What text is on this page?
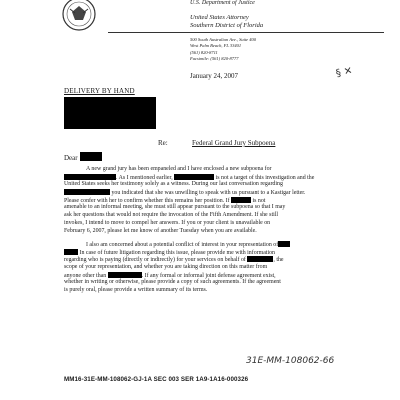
U.S. Department of Justice
United States Attorney
Southern District of Florida
500 South Australian Ave., Suite 400
West Palm Beach, FL 33401
(561) 820-8711
Facsimile: (561) 820-8777
January 24, 2007	§ ✕
DELIVERY BY HAND
Re:	Federal Grand Jury Subpoena
Dear
A new grand jury has been empaneled and I have enclosed a new subpoena for
. As I mentioned earlier,	is not a target of this investigation and the
United States seeks her testimony solely as a witness. During our last conversation regarding
you indicated that she was unwilling to speak with us pursuant to a Kastigar letter.
Please confer with her to confirm whether this remains her position. If	is not
amenable to an informal meeting, she must still appear pursuant to the subpoena so that I may
ask her questions that would not require the invocation of the Fifth Amendment. If she still
invokes, I intend to move to compel her answers. If you or your client is unavailable on
February 6, 2007, please let me know of another Tuesday when you are available.
I also am concerned about a potential conflict of interest in your representation of
In case of future litigation regarding this issue, please provide me with information
regarding who is paying (directly or indirectly) for your services on behalf of	, the
scope of your representation, and whether you are taking direction on this matter from
anyone other than	. If any formal or informal joint defense agreement exist,
whether in writing or otherwise, please provide a copy of such agreements. If the agreement
is purely oral, please provide a written summary of its terms.
31E-MM-108062-66
MM16-31E-MM-108062-GJ-1A SEC 003 SER 1A9-1A16-000326
